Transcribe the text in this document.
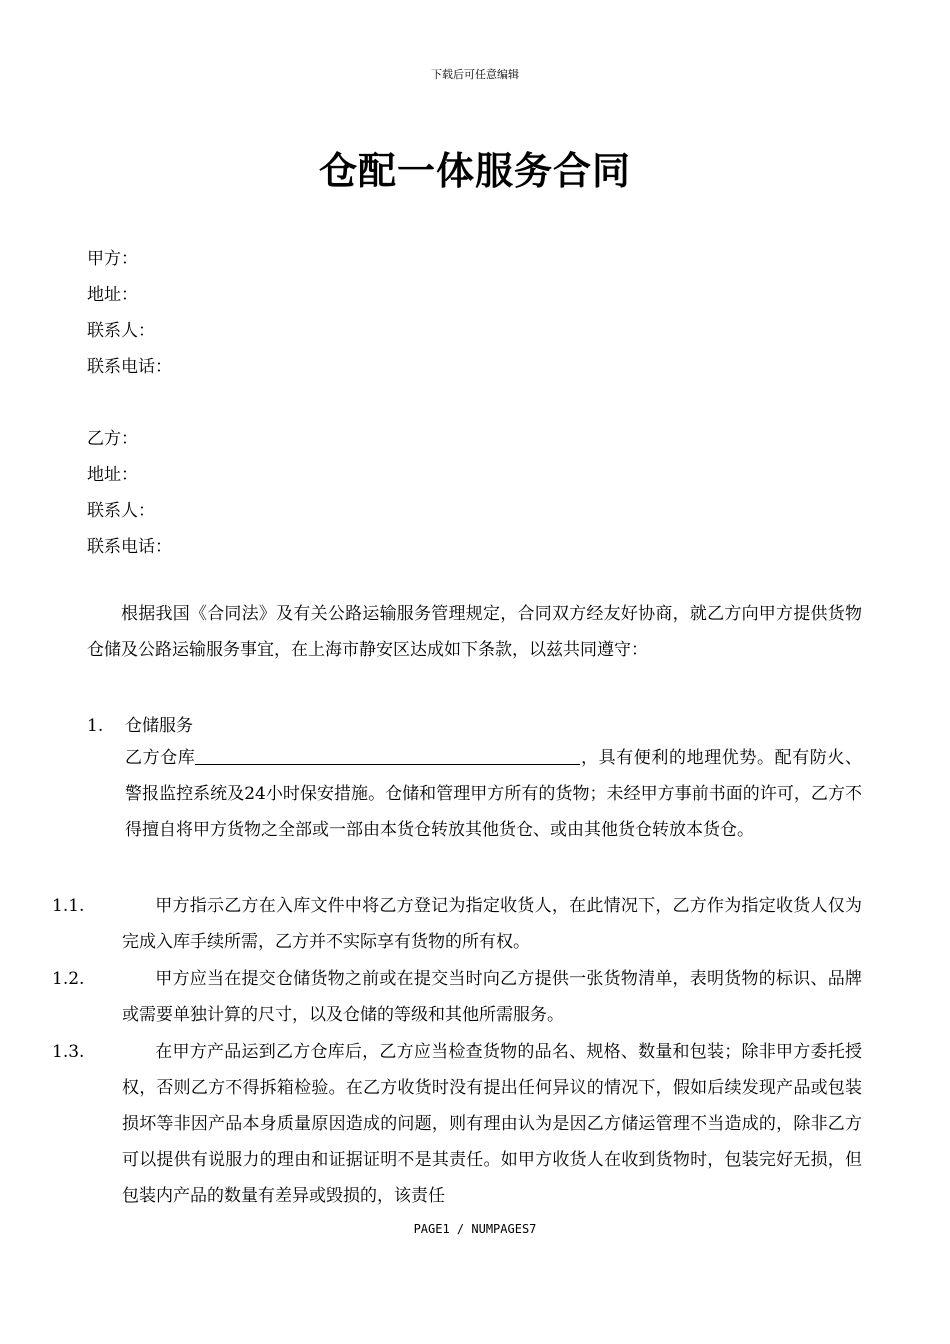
下载后可任意编辑
仓配一体服务合同
甲方：
地址：
联系人：
联系电话：
乙方：
地址：
联系人：
联系电话：
根据我国《合同法》及有关公路运输服务管理规定，合同双方经友好协商，就乙方向甲方提供货物仓储及公路运输服务事宜，在上海市静安区达成如下条款，以兹共同遵守：
1. 仓储服务
乙方仓库	，具有便利的地理优势。配有防火、警报监控系统及24小时保安措施。仓储和管理甲方所有的货物；未经甲方事前书面的许可，乙方不得擅自将甲方货物之全部或一部由本货仓转放其他货仓、或由其他货仓转放本货仓。
1.1.	甲方指示乙方在入库文件中将乙方登记为指定收货人，在此情况下，乙方作为指定收货人仅为完成入库手续所需，乙方并不实际享有货物的所有权。
1.2.	甲方应当在提交仓储货物之前或在提交当时向乙方提供一张货物清单，表明货物的标识、品牌或需要单独计算的尺寸，以及仓储的等级和其他所需服务。
1.3.	在甲方产品运到乙方仓库后，乙方应当检查货物的品名、规格、数量和包装；除非甲方委托授权，否则乙方不得拆箱检验。在乙方收货时没有提出任何异议的情况下，假如后续发现产品或包装损坏等非因产品本身质量原因造成的问题，则有理由认为是因乙方储运管理不当造成的，除非乙方可以提供有说服力的理由和证据证明不是其责任。如甲方收货人在收到货物时，包装完好无损，但包装内产品的数量有差异或毁损的，该责任
PAGE1 / NUMPAGES7
